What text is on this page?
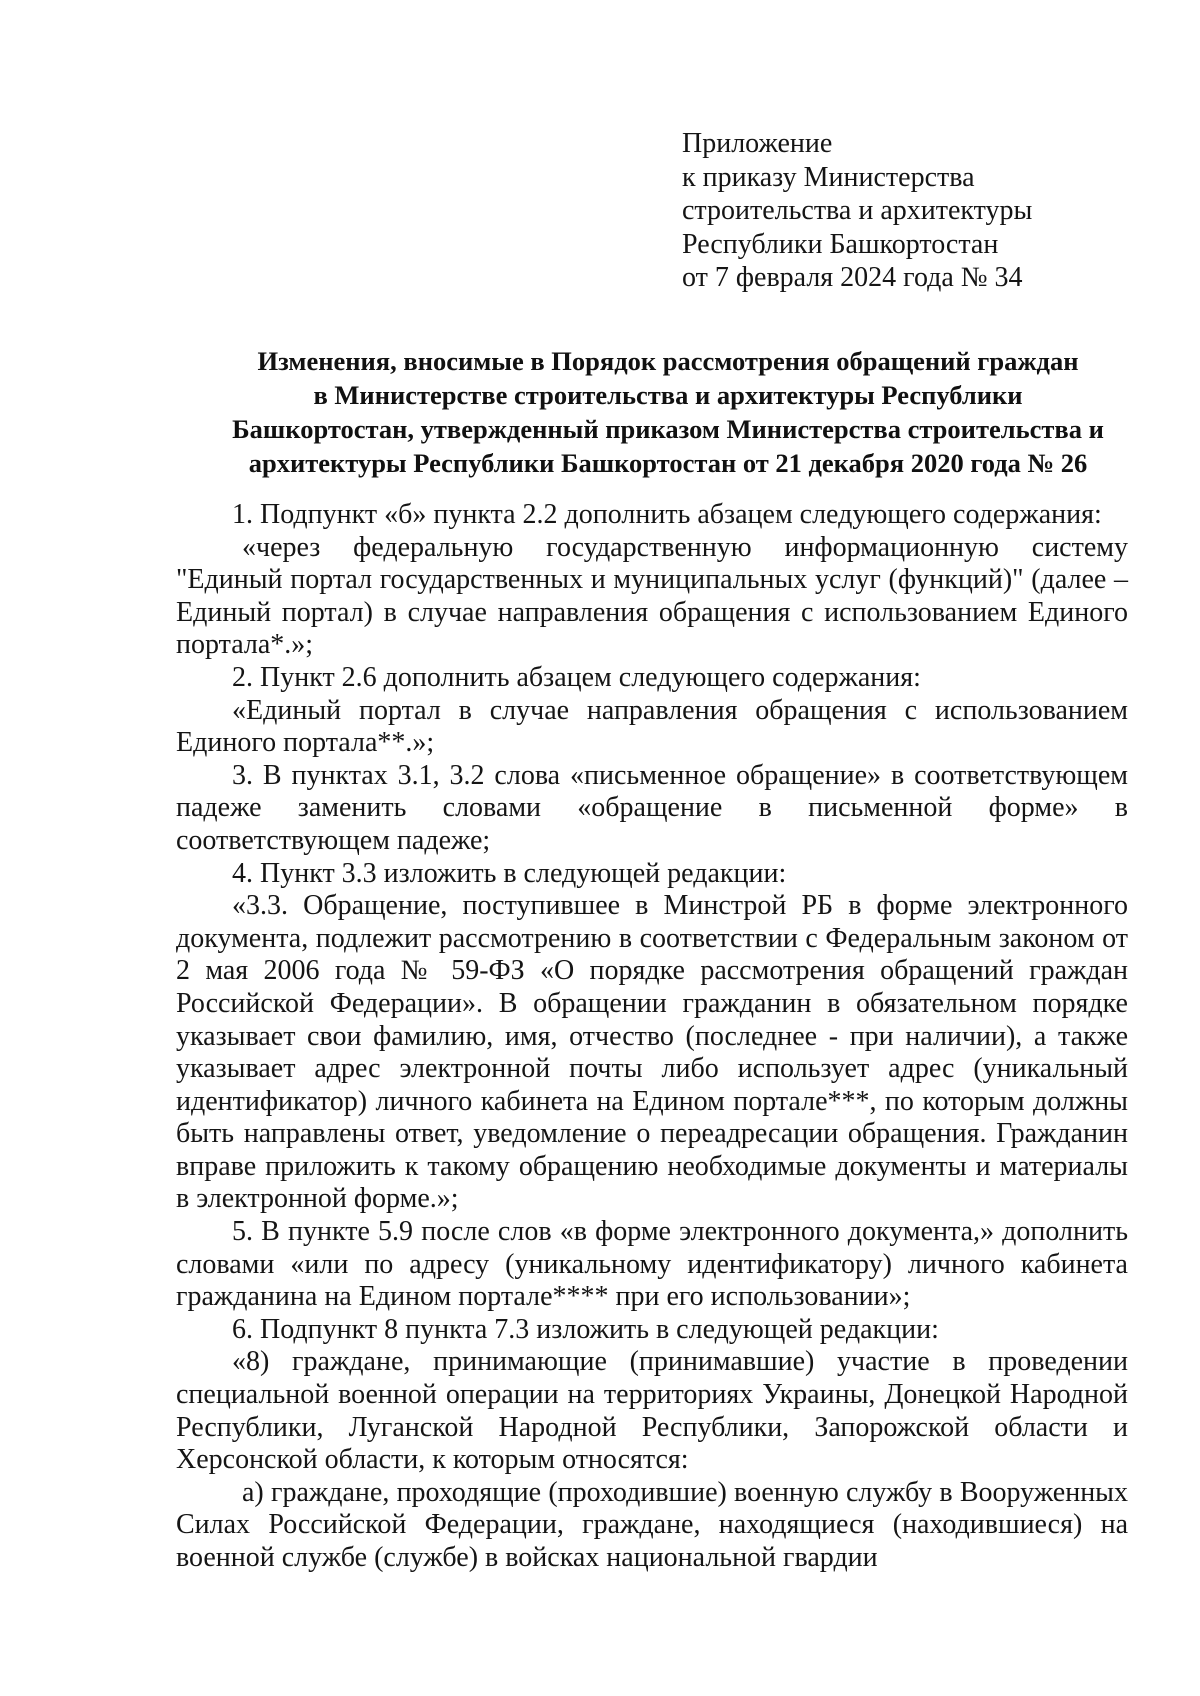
Приложение
к приказу Министерства
строительства и архитектуры
Республики Башкортостан
от 7 февраля 2024 года № 34
Изменения, вносимые в Порядок рассмотрения обращений граждан
в Министерстве строительства и архитектуры Республики
Башкортостан, утвержденный приказом Министерства строительства и
архитектуры Республики Башкортостан от 21 декабря 2020 года № 26

1. Подпункт «б» пункта 2.2 дополнить абзацем следующего содержания:

«через федеральную государственную информационную систему "Единый портал государственных и муниципальных услуг (функций)" (далее – Единый портал) в случае направления обращения с использованием Единого портала*.»;

2. Пункт 2.6 дополнить абзацем следующего содержания:

«Единый портал в случае направления обращения с использованием Единого портала**.»;

3. В пунктах 3.1, 3.2 слова «письменное обращение» в соответствующем падеже заменить словами «обращение в письменной форме» в соответствующем падеже;

4. Пункт 3.3 изложить в следующей редакции:

«3.3. Обращение, поступившее в Минстрой РБ в форме электронного документа, подлежит рассмотрению в соответствии с Федеральным законом от 2 мая 2006 года № 59-ФЗ «О порядке рассмотрения обращений граждан Российской Федерации». В обращении гражданин в обязательном порядке указывает свои фамилию, имя, отчество (последнее - при наличии), а также указывает адрес электронной почты либо использует адрес (уникальный идентификатор) личного кабинета на Едином портале***, по которым должны быть направлены ответ, уведомление о переадресации обращения. Гражданин вправе приложить к такому обращению необходимые документы и материалы в электронной форме.»;

5. В пункте 5.9 после слов «в форме электронного документа,» дополнить словами «или по адресу (уникальному идентификатору) личного кабинета гражданина на Едином портале**** при его использовании»;

6. Подпункт 8 пункта 7.3 изложить в следующей редакции:

«8) граждане, принимающие (принимавшие) участие в проведении специальной военной операции на территориях Украины, Донецкой Народной Республики, Луганской Народной Республики, Запорожской области и Херсонской области, к которым относятся:

а) граждане, проходящие (проходившие) военную службу в Вооруженных Силах Российской Федерации, граждане, находящиеся (находившиеся) на военной службе (службе) в войсках национальной гвардии
